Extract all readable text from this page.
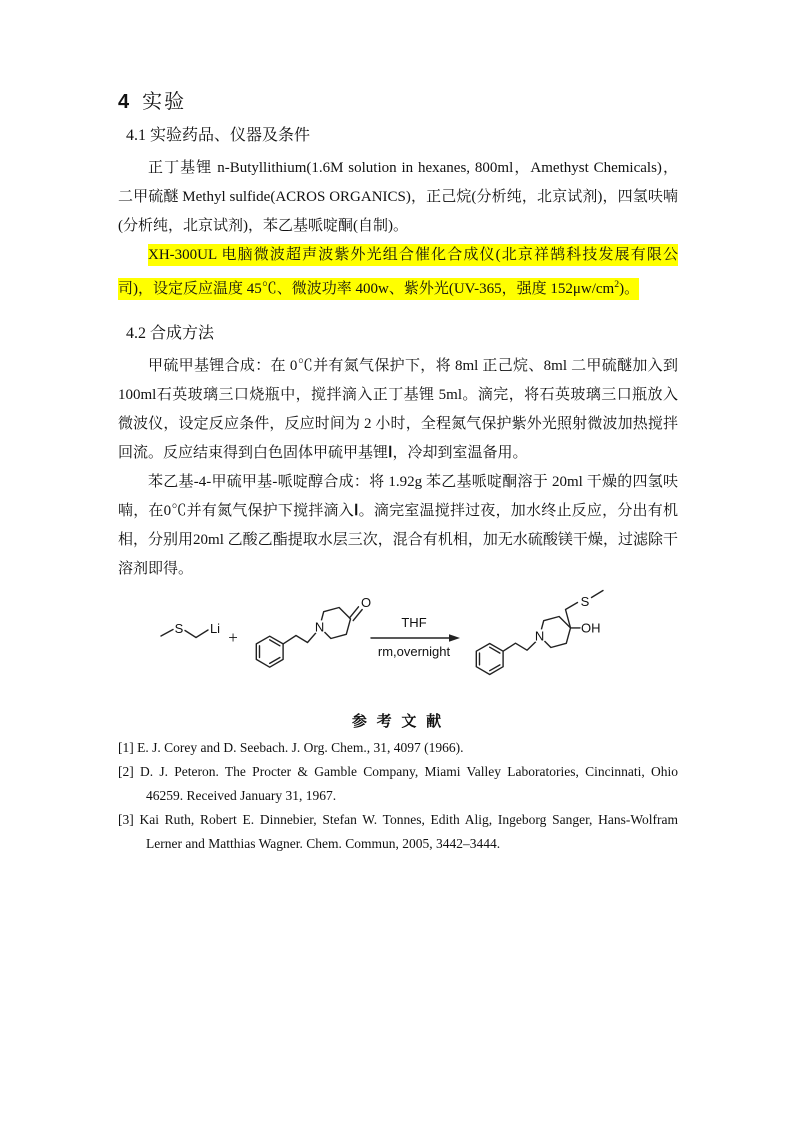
4 实验
4.1 实验药品、仪器及条件

正丁基锂 n-Butyllithium(1.6M solution in hexanes, 800ml，Amethyst Chemicals)，二甲硫醚 Methyl sulfide(ACROS ORGANICS)，正己烷(分析纯，北京试剂)，四氢呋喃(分析纯，北京试剂)，苯乙基哌啶酮(自制)。

XH-300UL 电脑微波超声波紫外光组合催化合成仪(北京祥鹄科技发展有限公司)，设定反应温度 45℃、微波功率 400w、紫外光(UV-365，强度 $152\mu w/cm^2$)。

4.2 合成方法

甲硫甲基锂合成：在 0℃并有氮气保护下，将 8ml 正己烷、8ml 二甲硫醚加入到 100ml石英玻璃三口烧瓶中，搅拌滴入正丁基锂 5ml。滴完，将石英玻璃三口瓶放入微波仪，设定反应条件，反应时间为 2 小时，全程氮气保护紫外光照射微波加热搅拌回流。反应结束得到白色固体甲硫甲基锂Ⅰ，冷却到室温备用。

苯乙基-4-甲硫甲基-哌啶醇合成：将 1.92g 苯乙基哌啶酮溶于 20ml 干燥的四氢呋喃，在0℃并有氮气保护下搅拌滴入Ⅰ。滴完室温搅拌过夜，加水终止反应，分出有机相，分别用20ml 乙酸乙酯提取水层三次，混合有机相，加无水硫酸镁干燥，过滤除干溶剂即得。

S Li +
N
O
THF
rm,overnight
N
OH
S
参 考 文 献

[1] E. J. Corey and D. Seebach. J. Org. Chem., 31, 4097 (1966).

[2] D. J. Peteron. The Procter & Gamble Company, Miami Valley Laboratories, Cincinnati, Ohio 46259. Received January 31, 1967.

[3] Kai Ruth, Robert E. Dinnebier, Stefan W. Tonnes, Edith Alig, Ingeborg Sanger, Hans-Wolfram Lerner and Matthias Wagner. Chem. Commun, 2005, 3442–3444.
